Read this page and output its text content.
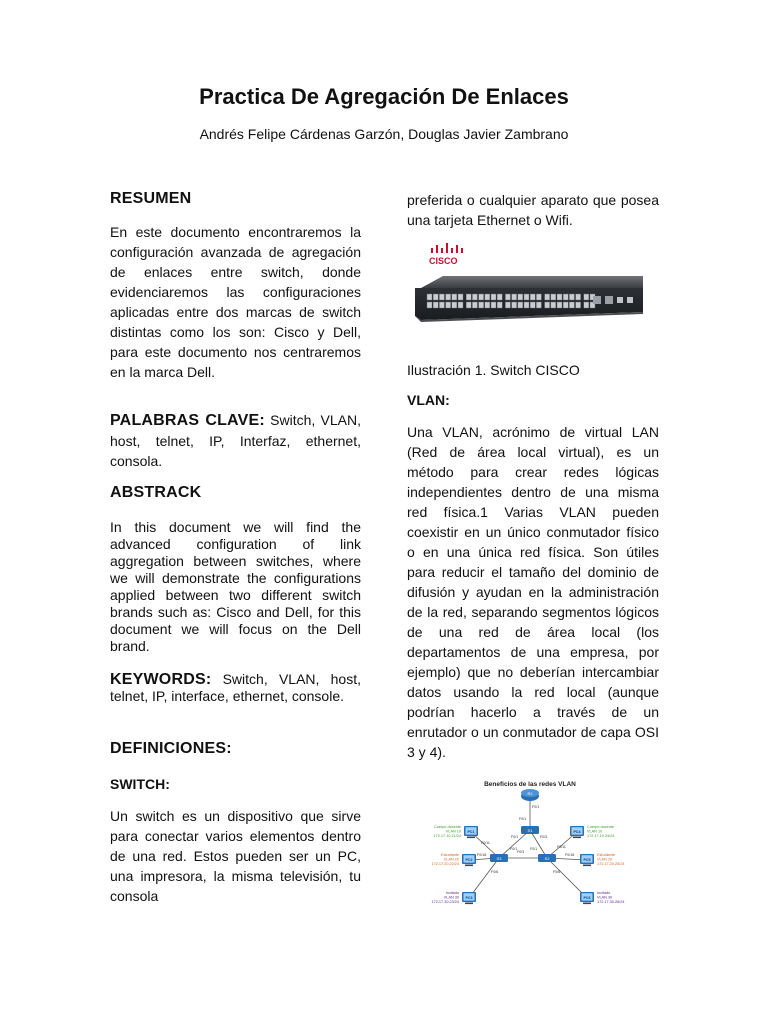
Practica De Agregación De Enlaces
Andrés Felipe Cárdenas Garzón, Douglas Javier Zambrano
RESUMEN

En este documento encontraremos la configuración avanzada de agregación de enlaces entre switch, donde evidenciaremos las configuraciones aplicadas entre dos marcas de switch distintas como los son: Cisco y Dell, para este documento nos centraremos en la marca Dell.

PALABRAS CLAVE: Switch, VLAN, host, telnet, IP, Interfaz, ethernet, consola.

ABSTRACK

In this document we will find the advanced configuration of link aggregation between switches, where we will demonstrate the configurations applied between two different switch brands such as: Cisco and Dell, for this document we will focus on the Dell brand.

KEYWORDS: Switch, VLAN, host, telnet, IP, interface, ethernet, console.

DEFINICIONES:
SWITCH:

Un switch es un dispositivo que sirve para conectar varios elementos dentro de una red. Estos pueden ser un PC, una impresora, la misma televisión, tu consola

preferida o cualquier aparato que posea una tarjeta Ethernet o Wifi.

CISCO

Ilustración 1. Switch CISCO

VLAN:

Una VLAN, acrónimo de virtual LAN (Red de área local virtual), es un método para crear redes lógicas independientes dentro de una misma red física.1 Varias VLAN pueden coexistir en un único conmutador físico o en una única red física. Son útiles para reducir el tamaño del dominio de difusión y ayudan en la administración de la red, separando segmentos lógicos de una red de área local (los departamentos de una empresa, por ejemplo) que no deberían intercambiar datos usando la red local (aunque podrían hacerlo a través de un enrutador o un conmutador de capa OSI 3 y 4).

Beneficios de las redes VLAN
R1
S1
S3	S2
F0/1
F0/1
F0/1	F0/3
F0/1	F0/1
F0/3
F0/18
F0/11
F0/6
F0/11
F0/18
F0/6
PC1
Cuerpo docente
VLAN 10
172.17.10.21/24
PC2
Estudiante
VLAN 20
172.17.20.22/24
PC3
Invitado
VLAN 30
172.17.30.23/24
PC4
Cuerpo docente
VLAN 10
172.17.10.24/24
PC5
Estudiante
VLAN 20
172.17.20.25/24
PC6
Invitado
VLAN 30
172.17.30.26/24
